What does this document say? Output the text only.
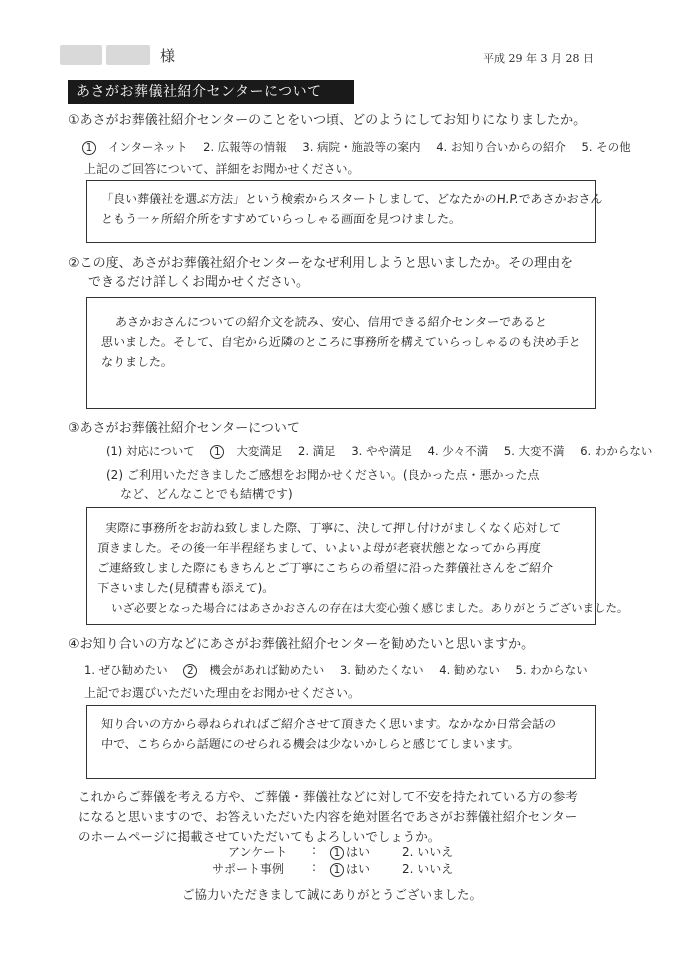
様	平成 29 年 3 月 28 日
あさがお葬儀社紹介センターについて
①あさがお葬儀社紹介センターのことをいつ頃、どのようにしてお知りになりましたか。
1 インターネット 2. 広報等の情報 3. 病院・施設等の案内 4. お知り合いからの紹介 5. その他
上記のご回答について、詳細をお聞かせください。
「良い葬儀社を選ぶ方法」という検索からスタートしまして、どなたかのH.P.であさかおさん
ともう一ヶ所紹介所をすすめていらっしゃる画面を見つけました。
②この度、あさがお葬儀社紹介センターをなぜ利用しようと思いましたか。その理由を
できるだけ詳しくお聞かせください。
あさかおさんについての紹介文を読み、安心、信用できる紹介センターであると
思いました。そして、自宅から近隣のところに事務所を構えていらっしゃるのも決め手と
なりました。
③あさがお葬儀社紹介センターについて
(1) 対応について 1 大変満足 2. 満足 3. やや満足 4. 少々不満 5. 大変不満 6. わからない
(2) ご利用いただきましたご感想をお聞かせください。(良かった点・悪かった点
など、どんなことでも結構です)
実際に事務所をお訪ね致しました際、丁寧に、決して押し付けがましくなく応対して
頂きました。その後一年半程経ちまして、いよいよ母が老衰状態となってから再度
ご連絡致しました際にもきちんとご丁寧にこちらの希望に沿った葬儀社さんをご紹介
下さいました(見積書も添えて)。
いざ必要となった場合にはあさかおさんの存在は大変心強く感じました。ありがとうございました。
④お知り合いの方などにあさがお葬儀社紹介センターを勧めたいと思いますか。
1. ぜひ勧めたい 2 機会があれば勧めたい 3. 勧めたくない 4. 勧めない 5. わからない
上記でお選びいただいた理由をお聞かせください。
知り合いの方から尋ねられればご紹介させて頂きたく思います。なかなか日常会話の
中で、こちらから話題にのせられる機会は少ないかしらと感じてしまいます。
これからご葬儀を考える方や、ご葬儀・葬儀社などに対して不安を持たれている方の参考
になると思いますので、お答えいただいた内容を絶対匿名であさがお葬儀社紹介センター
のホームページに掲載させていただいてもよろしいでしょうか。
アンケート :	1 はい	2. いいえ
サポート事例 :	1 はい	2. いいえ
ご協力いただきまして誠にありがとうございました。
